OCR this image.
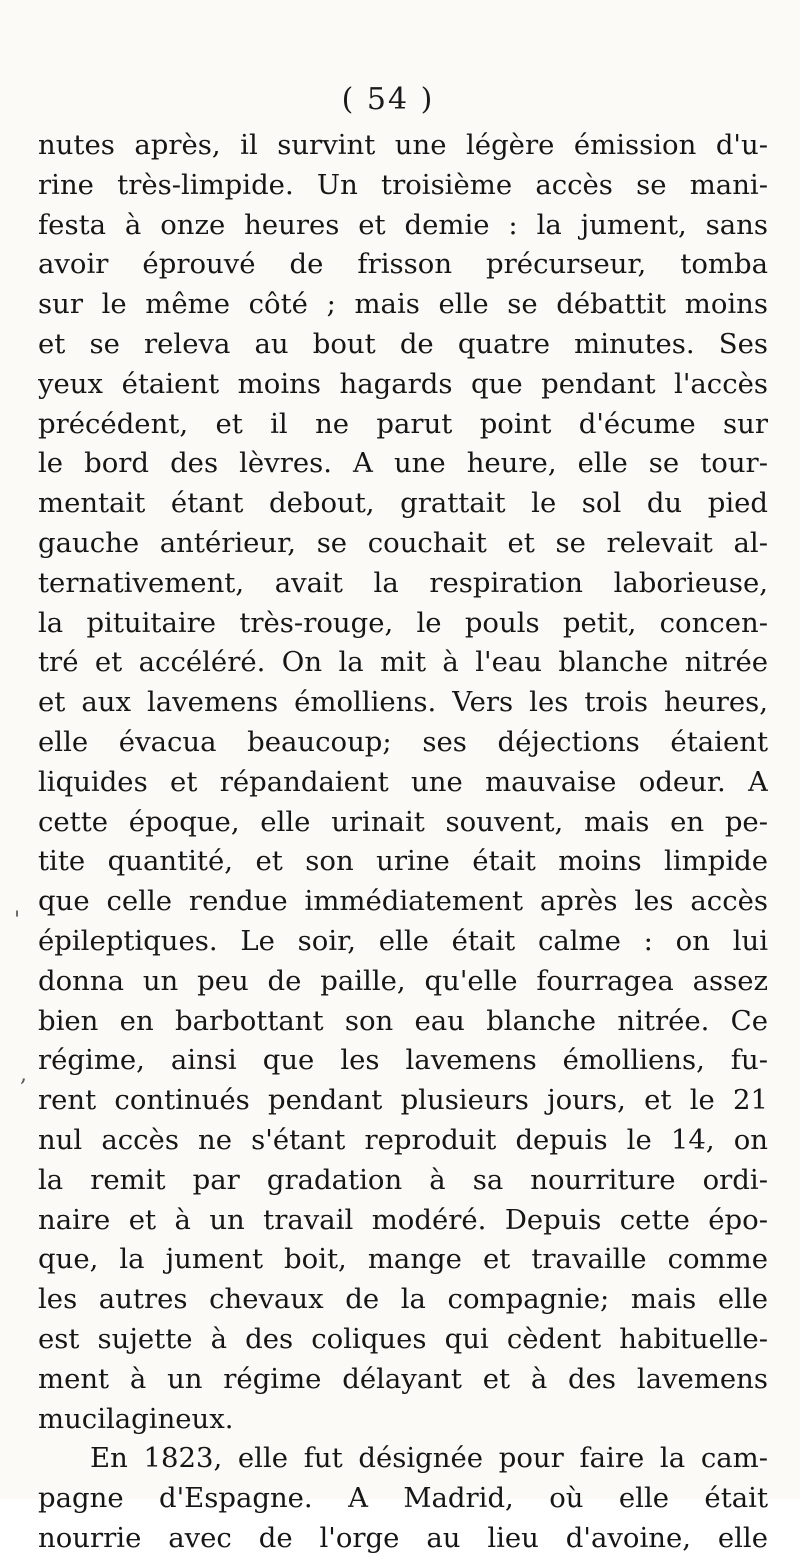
( 54 )
'
,
nutes après, il survint une légère émission d'u-
rine très-limpide. Un troisième accès se mani-
festa à onze heures et demie : la jument, sans
avoir éprouvé de frisson précurseur, tomba
sur le même côté ; mais elle se débattit moins
et se releva au bout de quatre minutes. Ses
yeux étaient moins hagards que pendant l'accès
précédent, et il ne parut point d'écume sur
le bord des lèvres. A une heure, elle se tour-
mentait étant debout, grattait le sol du pied
gauche antérieur, se couchait et se relevait al-
ternativement, avait la respiration laborieuse,
la pituitaire très-rouge, le pouls petit, concen-
tré et accéléré. On la mit à l'eau blanche nitrée
et aux lavemens émolliens. Vers les trois heures,
elle évacua beaucoup; ses déjections étaient
liquides et répandaient une mauvaise odeur. A
cette époque, elle urinait souvent, mais en pe-
tite quantité, et son urine était moins limpide
que celle rendue immédiatement après les accès
épileptiques. Le soir, elle était calme : on lui
donna un peu de paille, qu'elle fourragea assez
bien en barbottant son eau blanche nitrée. Ce
régime, ainsi que les lavemens émolliens, fu-
rent continués pendant plusieurs jours, et le 21
nul accès ne s'étant reproduit depuis le 14, on
la remit par gradation à sa nourriture ordi-
naire et à un travail modéré. Depuis cette épo-
que, la jument boit, mange et travaille comme
les autres chevaux de la compagnie; mais elle
est sujette à des coliques qui cèdent habituelle-
ment à un régime délayant et à des lavemens
mucilagineux.
En 1823, elle fut désignée pour faire la cam-
pagne d'Espagne. A Madrid, où elle était
nourrie avec de l'orge au lieu d'avoine, elle
